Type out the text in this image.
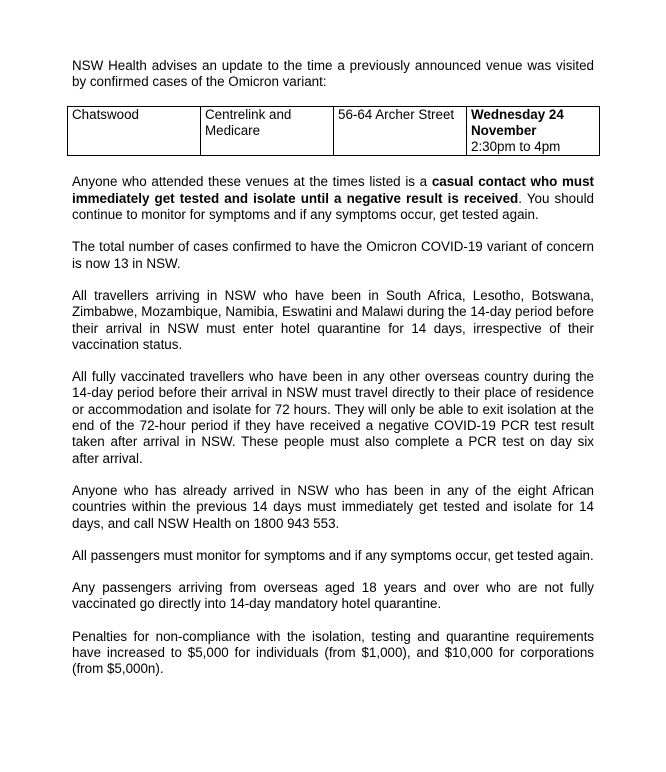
NSW Health advises an update to the time a previously announced venue was visited by confirmed cases of the Omicron variant:

Chatswood	Centrelink and Medicare	56-64 Archer Street	Wednesday 24 November
2:30pm to 4pm

Anyone who attended these venues at the times listed is a casual contact who must immediately get tested and isolate until a negative result is received. You should continue to monitor for symptoms and if any symptoms occur, get tested again.

The total number of cases confirmed to have the Omicron COVID-19 variant of concern is now 13 in NSW.

All travellers arriving in NSW who have been in South Africa, Lesotho, Botswana, Zimbabwe, Mozambique, Namibia, Eswatini and Malawi during the 14-day period before their arrival in NSW must enter hotel quarantine for 14 days, irrespective of their vaccination status.

All fully vaccinated travellers who have been in any other overseas country during the 14-day period before their arrival in NSW must travel directly to their place of residence or accommodation and isolate for 72 hours. They will only be able to exit isolation at the end of the 72-hour period if they have received a negative COVID-19 PCR test result taken after arrival in NSW. These people must also complete a PCR test on day six after arrival.

Anyone who has already arrived in NSW who has been in any of the eight African countries within the previous 14 days must immediately get tested and isolate for 14 days, and call NSW Health on 1800 943 553.

All passengers must monitor for symptoms and if any symptoms occur, get tested again.

Any passengers arriving from overseas aged 18 years and over who are not fully vaccinated go directly into 14-day mandatory hotel quarantine.

Penalties for non-compliance with the isolation, testing and quarantine requirements have increased to $5,000 for individuals (from $1,000), and $10,000 for corporations (from $5,000n).
